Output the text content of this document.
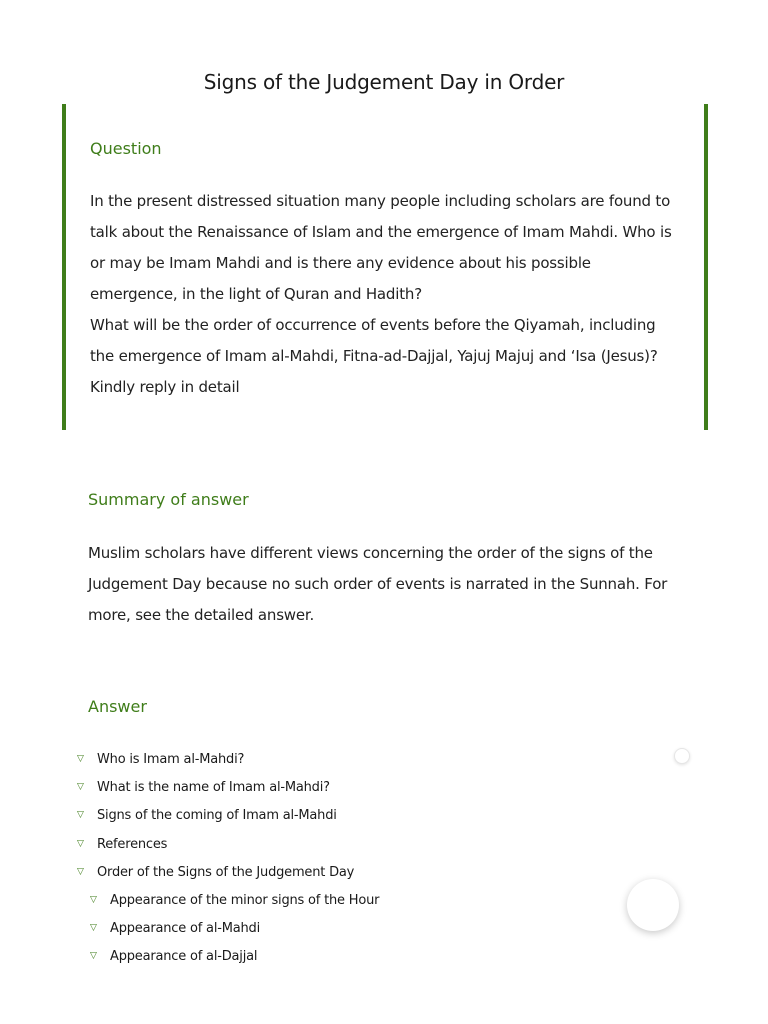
Signs of the Judgement Day in Order
Question

In the present distressed situation many people including scholars are found to talk about the Renaissance of Islam and the emergence of Imam Mahdi. Who is or may be Imam Mahdi and is there any evidence about his possible emergence, in the light of Quran and Hadith?

What will be the order of occurrence of events before the Qiyamah, including the emergence of Imam al-Mahdi, Fitna-ad-Dajjal, Yajuj Majuj and ‘Isa (Jesus)? Kindly reply in detail

Summary of answer
Muslim scholars have different views concerning the order of the signs of the Judgement Day because no such order of events is narrated in the Sunnah. For more, see the detailed answer.
Answer
▽ Who is Imam al-Mahdi?
▽ What is the name of Imam al-Mahdi?
▽ Signs of the coming of Imam al-Mahdi
▽ References
▽ Order of the Signs of the Judgement Day
▽ Appearance of the minor signs of the Hour
▽ Appearance of al-Mahdi
▽ Appearance of al-Dajjal
